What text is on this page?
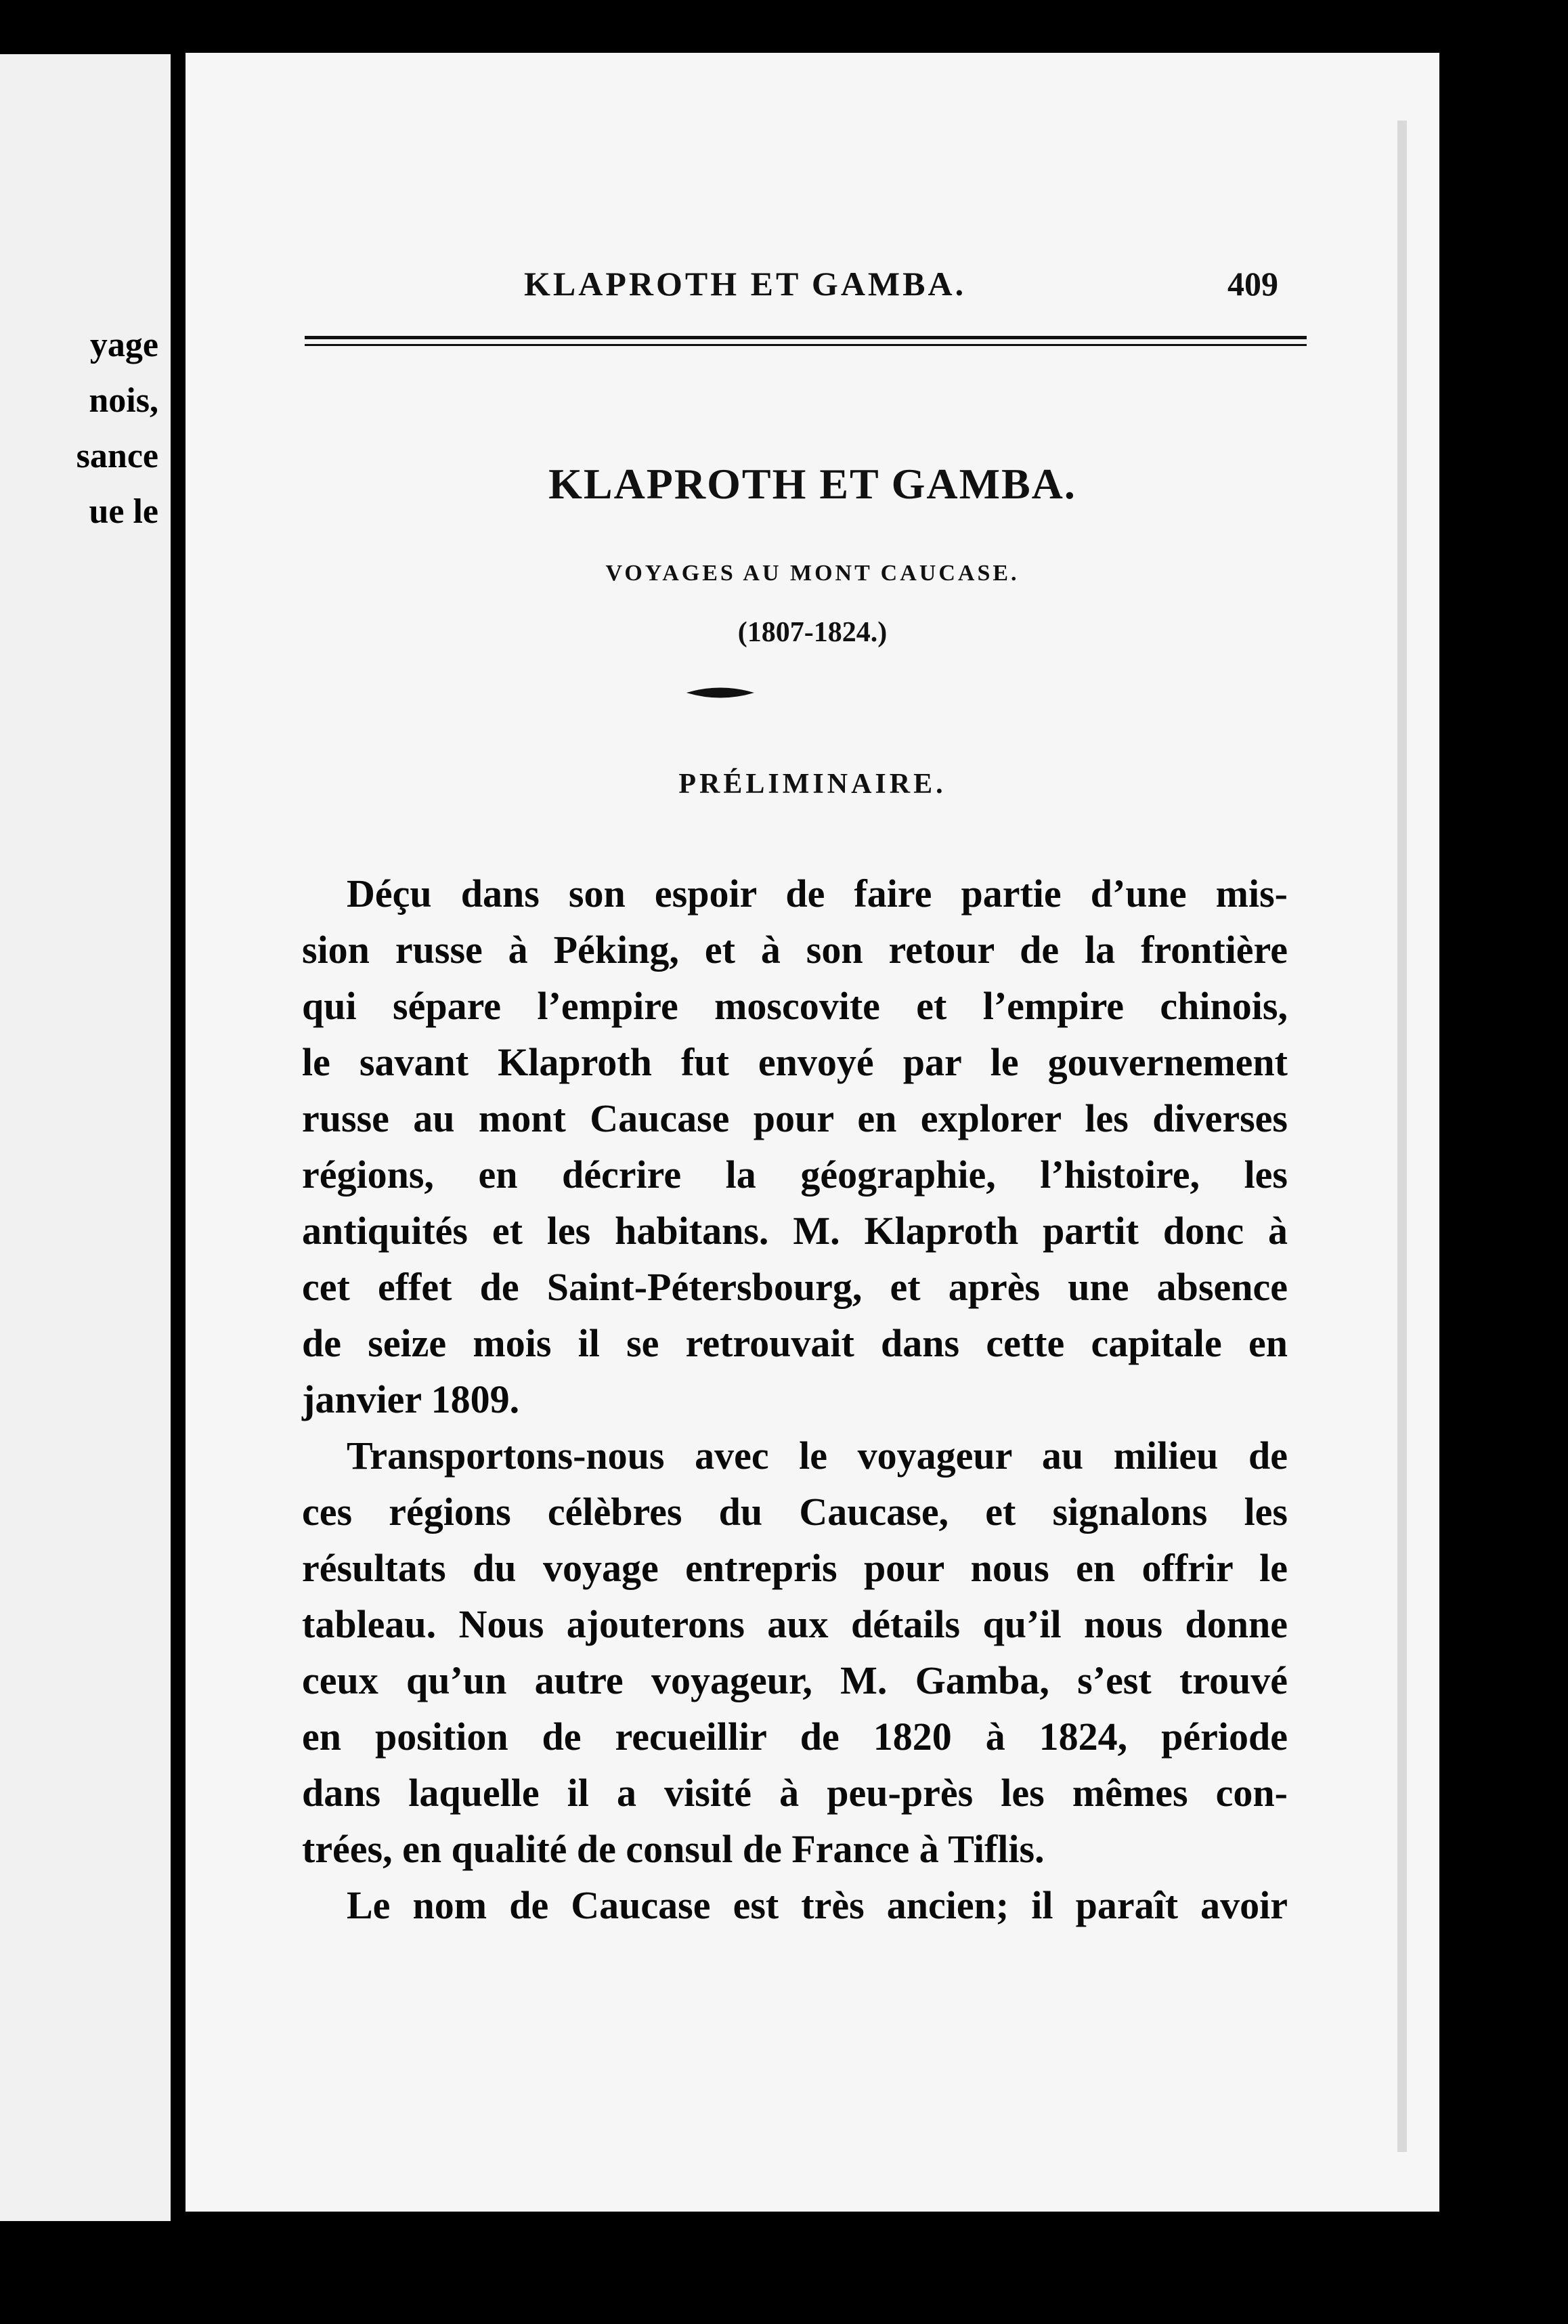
yage
nois,
sance
ue le
KLAPROTH ET GAMBA.	409
KLAPROTH ET GAMBA.
VOYAGES AU MONT CAUCASE.
(1807-1824.)
PRÉLIMINAIRE.

Déçu dans son espoir de faire partie d’une mis-

sion russe à Péking, et à son retour de la frontière

qui sépare l’empire moscovite et l’empire chinois,

le savant Klaproth fut envoyé par le gouvernement

russe au mont Caucase pour en explorer les diverses

régions, en décrire la géographie, l’histoire, les

antiquités et les habitans. M. Klaproth partit donc à

cet effet de Saint-Pétersbourg, et après une absence

de seize mois il se retrouvait dans cette capitale en

janvier 1809.

Transportons-nous avec le voyageur au milieu de

ces régions célèbres du Caucase, et signalons les

résultats du voyage entrepris pour nous en offrir le

tableau. Nous ajouterons aux détails qu’il nous donne

ceux qu’un autre voyageur, M. Gamba, s’est trouvé

en position de recueillir de 1820 à 1824, période

dans laquelle il a visité à peu-près les mêmes con-

trées, en qualité de consul de France à Tiflis.

Le nom de Caucase est très ancien; il paraît avoir
